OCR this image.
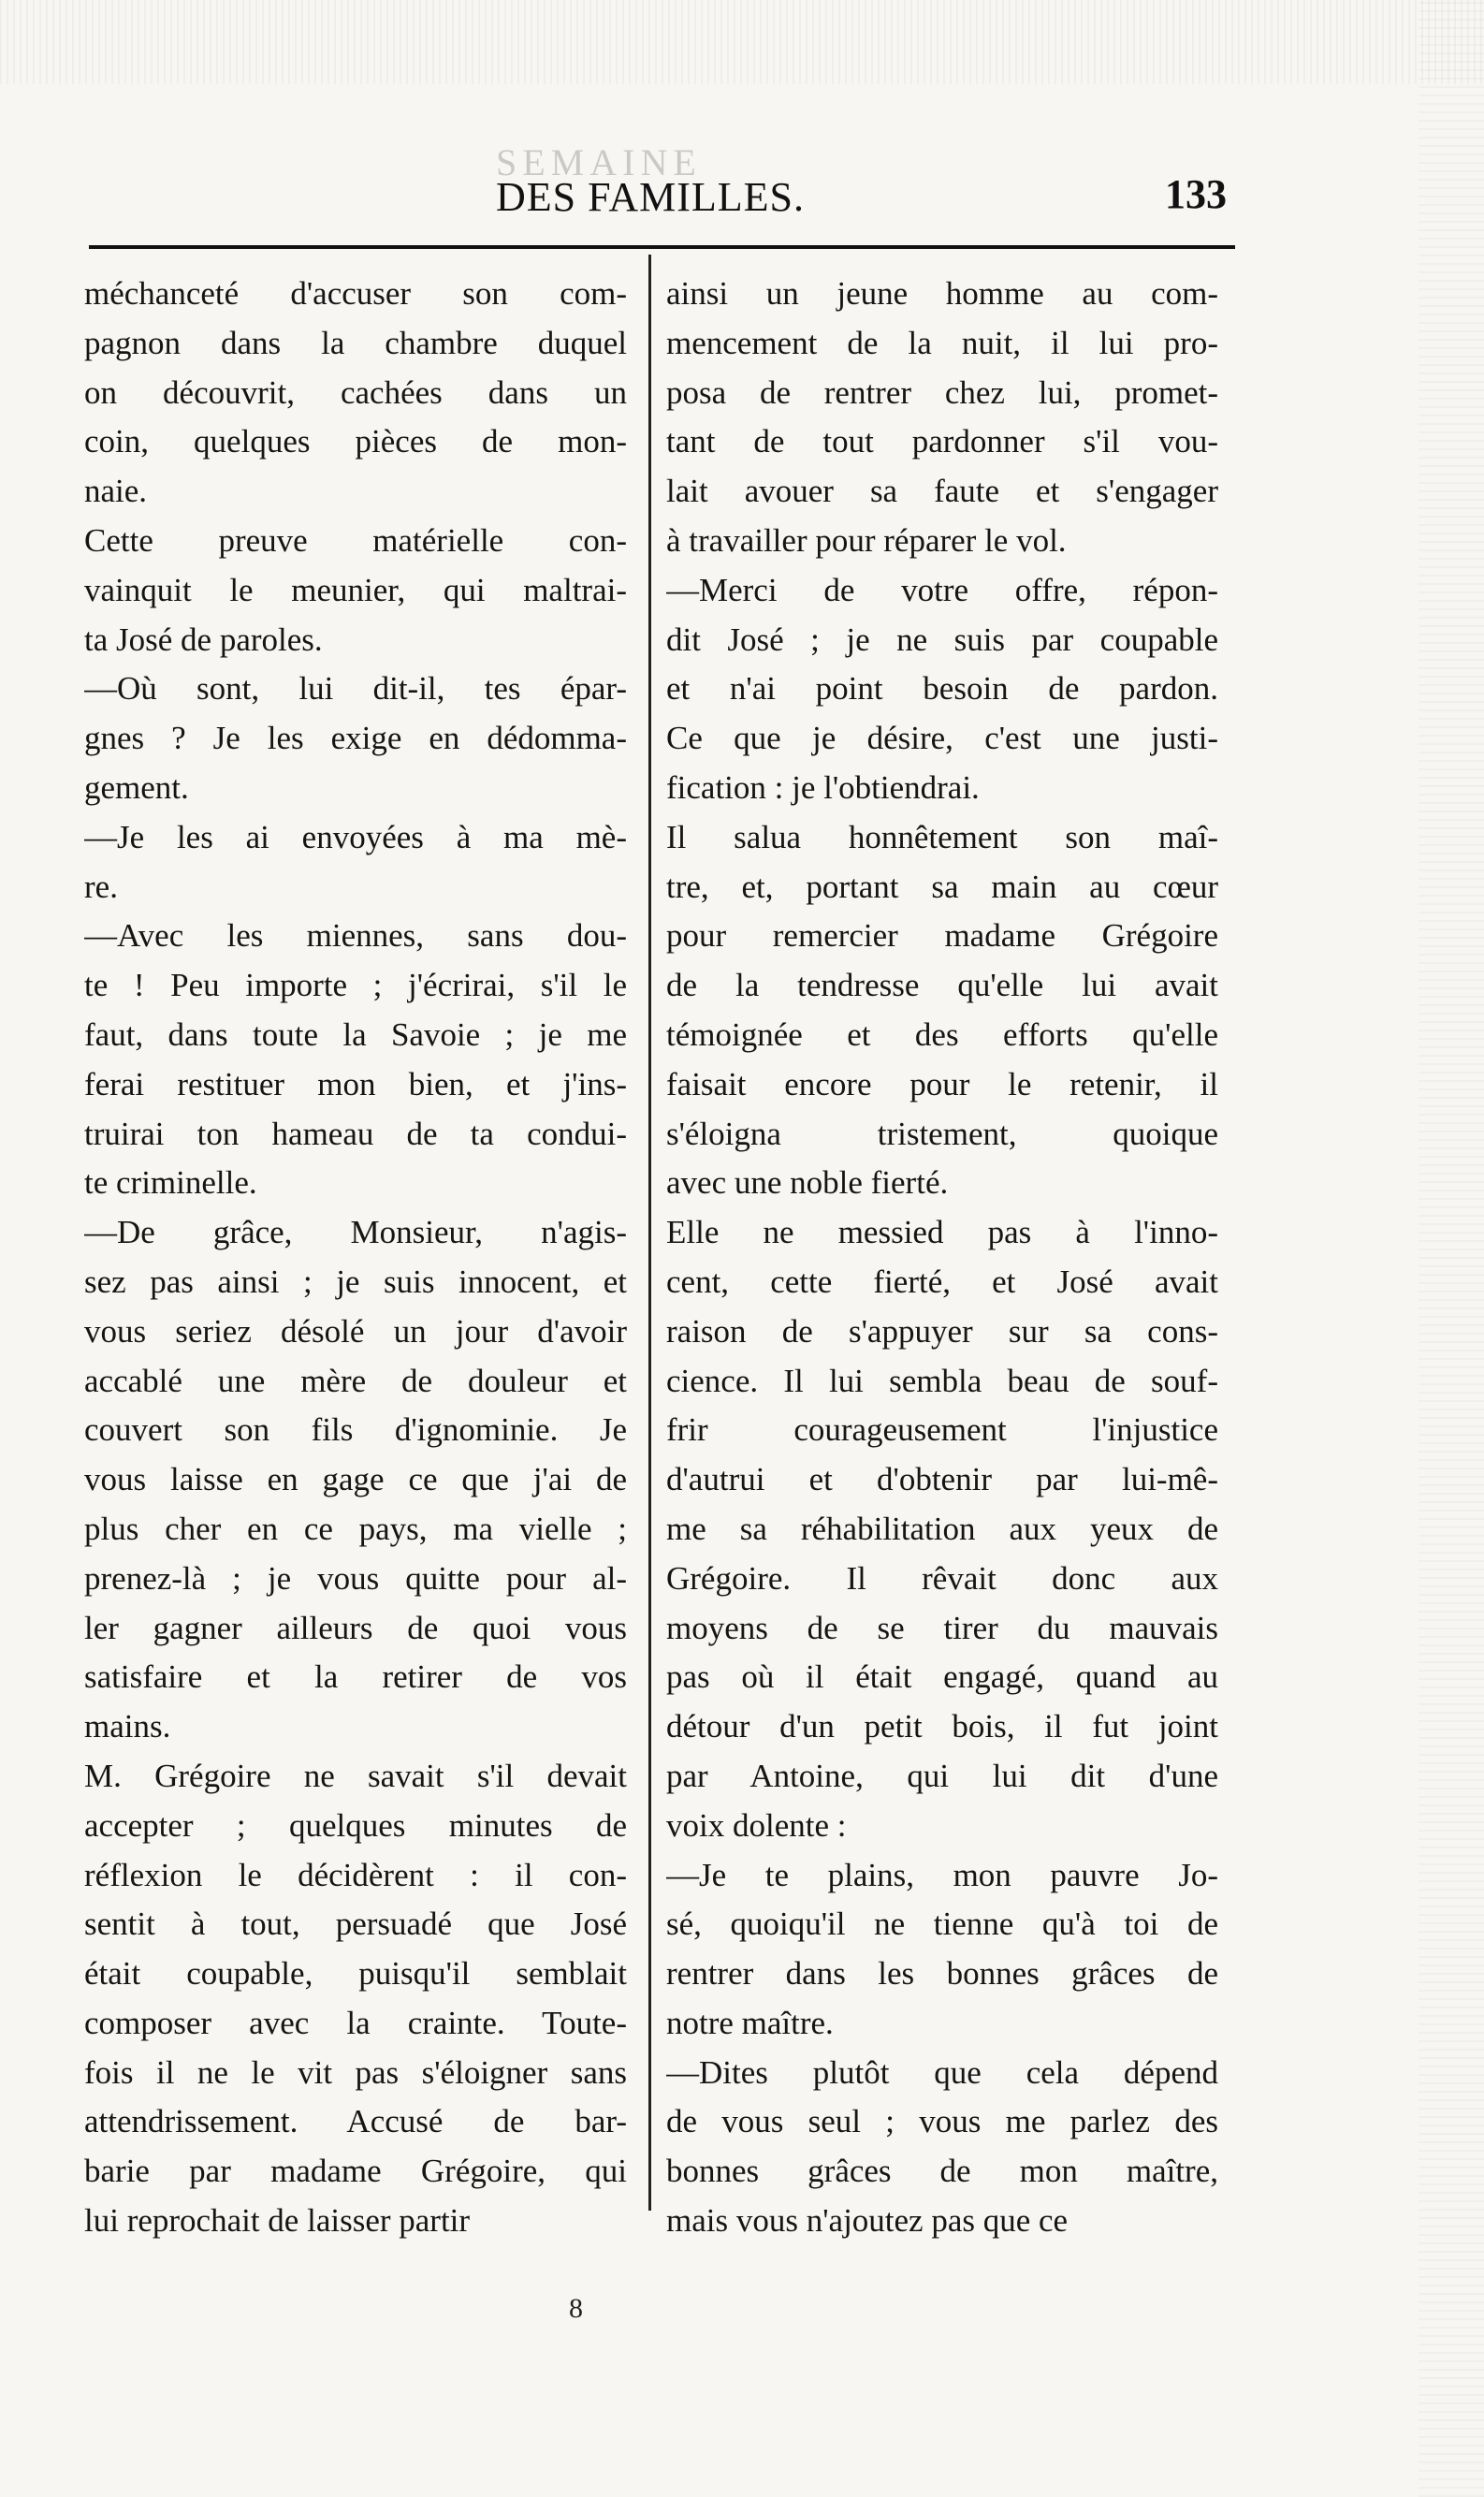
SEMAINE
DES FAMILLES.	133
méchanceté d'accuser son com-
pagnon dans la chambre duquel
on découvrit, cachées dans un
coin, quelques pièces de mon-
naie.
Cette preuve matérielle con-
vainquit le meunier, qui maltrai-
ta José de paroles.
—Où sont, lui dit-il, tes épar-
gnes ? Je les exige en dédomma-
gement.
—Je les ai envoyées à ma mè-
re.
—Avec les miennes, sans dou-
te ! Peu importe ; j'écrirai, s'il le
faut, dans toute la Savoie ; je me
ferai restituer mon bien, et j'ins-
truirai ton hameau de ta condui-
te criminelle.
—De grâce, Monsieur, n'agis-
sez pas ainsi ; je suis innocent, et
vous seriez désolé un jour d'avoir
accablé une mère de douleur et
couvert son fils d'ignominie. Je
vous laisse en gage ce que j'ai de
plus cher en ce pays, ma vielle ;
prenez-là ; je vous quitte pour al-
ler gagner ailleurs de quoi vous
satisfaire et la retirer de vos
mains.
M. Grégoire ne savait s'il devait
accepter ; quelques minutes de
réflexion le décidèrent : il con-
sentit à tout, persuadé que José
était coupable, puisqu'il semblait
composer avec la crainte. Toute-
fois il ne le vit pas s'éloigner sans
attendrissement. Accusé de bar-
barie par madame Grégoire, qui
lui reprochait de laisser partir
ainsi un jeune homme au com-
mencement de la nuit, il lui pro-
posa de rentrer chez lui, promet-
tant de tout pardonner s'il vou-
lait avouer sa faute et s'engager
à travailler pour réparer le vol.
—Merci de votre offre, répon-
dit José ; je ne suis par coupable
et n'ai point besoin de pardon.
Ce que je désire, c'est une justi-
fication : je l'obtiendrai.
Il salua honnêtement son maî-
tre, et, portant sa main au cœur
pour remercier madame Grégoire
de la tendresse qu'elle lui avait
témoignée et des efforts qu'elle
faisait encore pour le retenir, il
s'éloigna tristement, quoique
avec une noble fierté.
Elle ne messied pas à l'inno-
cent, cette fierté, et José avait
raison de s'appuyer sur sa cons-
cience. Il lui sembla beau de souf-
frir courageusement l'injustice
d'autrui et d'obtenir par lui-mê-
me sa réhabilitation aux yeux de
Grégoire. Il rêvait donc aux
moyens de se tirer du mauvais
pas où il était engagé, quand au
détour d'un petit bois, il fut joint
par Antoine, qui lui dit d'une
voix dolente :
—Je te plains, mon pauvre Jo-
sé, quoiqu'il ne tienne qu'à toi de
rentrer dans les bonnes grâces de
notre maître.
—Dites plutôt que cela dépend
de vous seul ; vous me parlez des
bonnes grâces de mon maître,
mais vous n'ajoutez pas que ce
8
